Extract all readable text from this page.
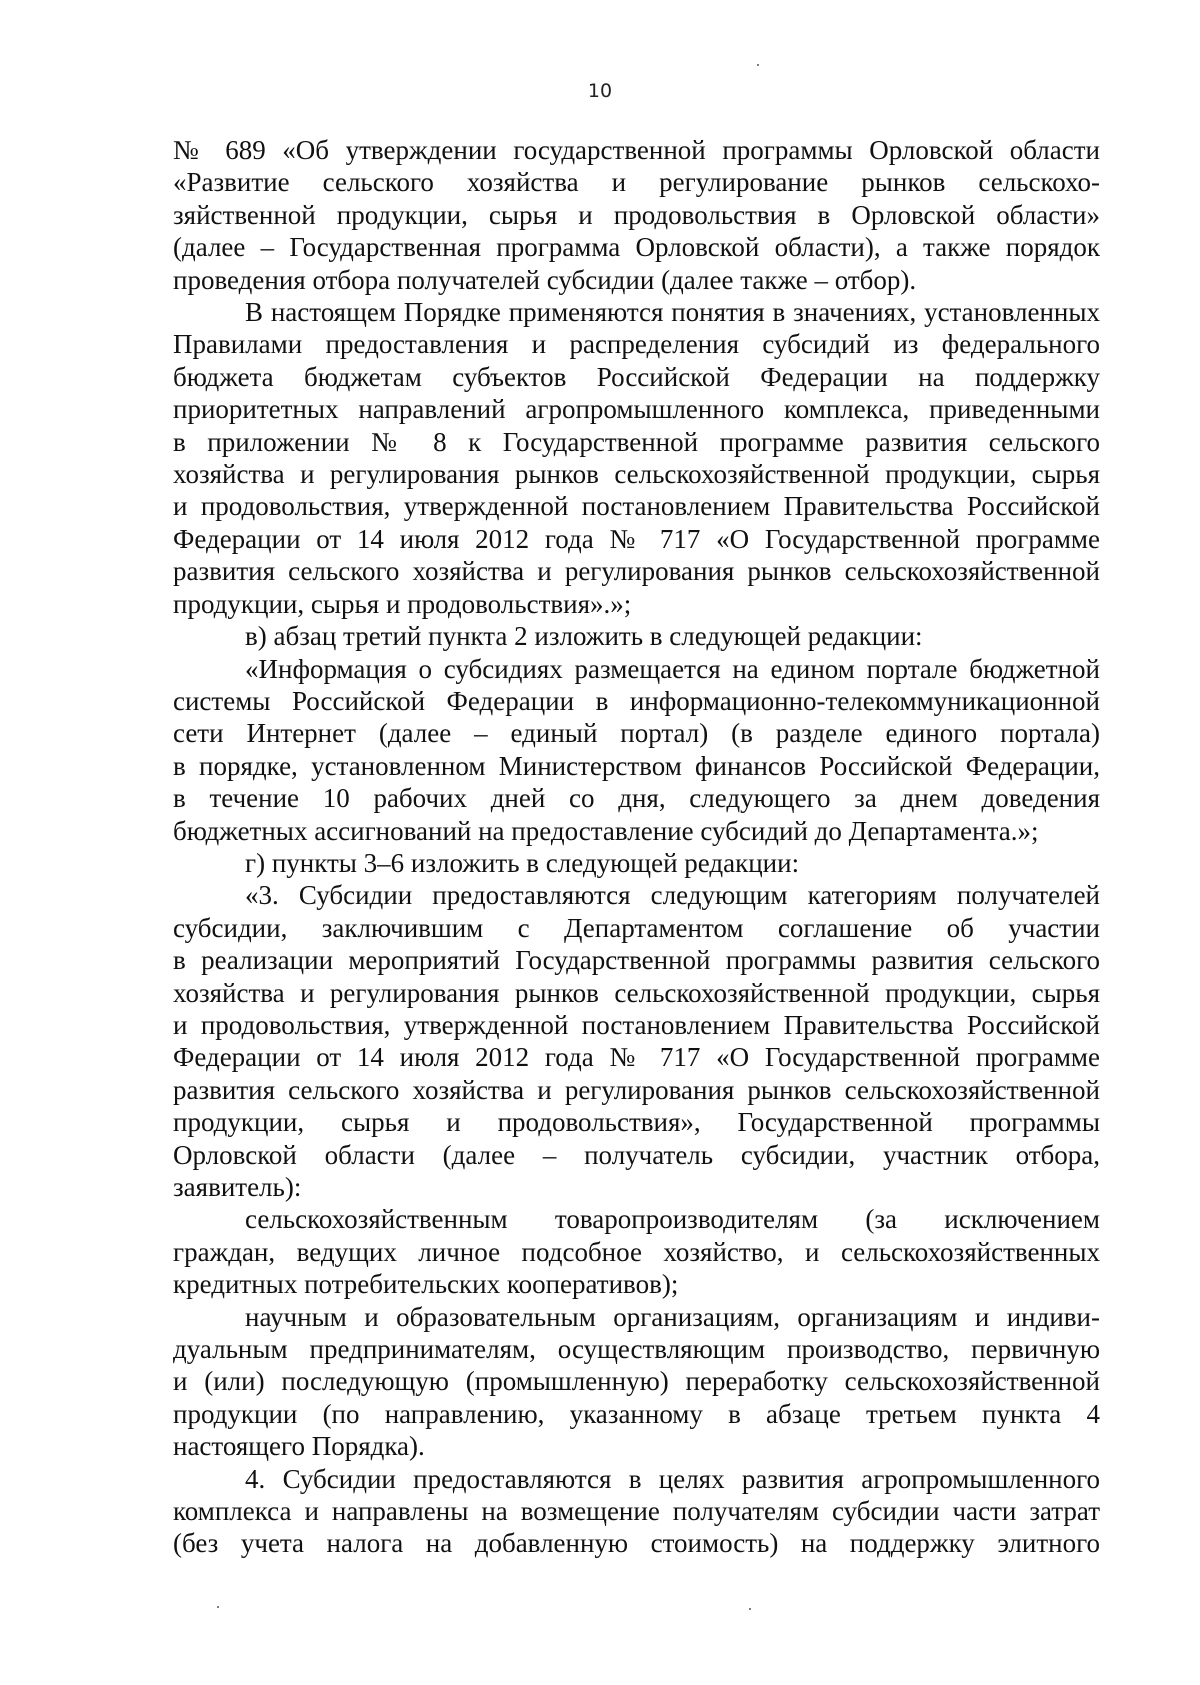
10
№ 689 «Об утверждении государственной программы Орловской области
«Развитие сельского хозяйства и регулирование рынков сельскохо-
зяйственной продукции, сырья и продовольствия в Орловской области»
(далее – Государственная программа Орловской области), а также порядок
проведения отбора получателей субсидии (далее также – отбор).
В настоящем Порядке применяются понятия в значениях, установленных
Правилами предоставления и распределения субсидий из федерального
бюджета бюджетам субъектов Российской Федерации на поддержку
приоритетных направлений агропромышленного комплекса, приведенными
в приложении № 8 к Государственной программе развития сельского
хозяйства и регулирования рынков сельскохозяйственной продукции, сырья
и продовольствия, утвержденной постановлением Правительства Российской
Федерации от 14 июля 2012 года № 717 «О Государственной программе
развития сельского хозяйства и регулирования рынков сельскохозяйственной
продукции, сырья и продовольствия».»;
в) абзац третий пункта 2 изложить в следующей редакции:
«Информация о субсидиях размещается на едином портале бюджетной
системы Российской Федерации в информационно-телекоммуникационной
сети Интернет (далее – единый портал) (в разделе единого портала)
в порядке, установленном Министерством финансов Российской Федерации,
в течение 10 рабочих дней со дня, следующего за днем доведения
бюджетных ассигнований на предоставление субсидий до Департамента.»;
г) пункты 3–6 изложить в следующей редакции:
«3. Субсидии предоставляются следующим категориям получателей
субсидии, заключившим с Департаментом соглашение об участии
в реализации мероприятий Государственной программы развития сельского
хозяйства и регулирования рынков сельскохозяйственной продукции, сырья
и продовольствия, утвержденной постановлением Правительства Российской
Федерации от 14 июля 2012 года № 717 «О Государственной программе
развития сельского хозяйства и регулирования рынков сельскохозяйственной
продукции, сырья и продовольствия», Государственной программы
Орловской области (далее – получатель субсидии, участник отбора,
заявитель):
сельскохозяйственным товаропроизводителям (за исключением
граждан, ведущих личное подсобное хозяйство, и сельскохозяйственных
кредитных потребительских кооперативов);
научным и образовательным организациям, организациям и индиви-
дуальным предпринимателям, осуществляющим производство, первичную
и (или) последующую (промышленную) переработку сельскохозяйственной
продукции (по направлению, указанному в абзаце третьем пункта 4
настоящего Порядка).
4. Субсидии предоставляются в целях развития агропромышленного
комплекса и направлены на возмещение получателям субсидии части затрат
(без учета налога на добавленную стоимость) на поддержку элитного
